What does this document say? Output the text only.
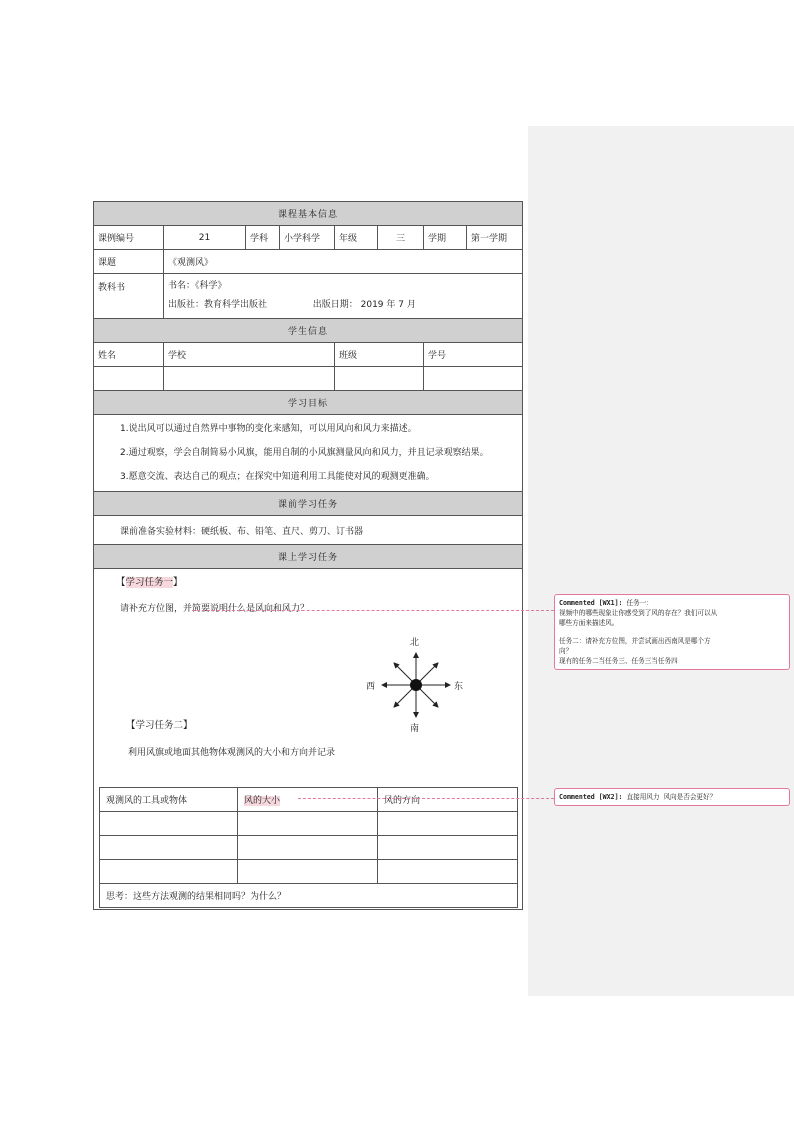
课程基本信息
课例编号	21	学科	小学科学	年级	三	学期	第一学期
课题	《观测风》
教科书	书名：《科学》
出版社：教育科学出版社	出版日期： 2019 年 7 月

学生信息
姓名	学校	班级	学号

学习目标

1.说出风可以通过自然界中事物的变化来感知，可以用风向和风力来描述。

2.通过观察，学会自制简易小风旗，能用自制的小风旗测量风向和风力，并且记录观察结果。

3.愿意交流、表达自己的观点；在探究中知道利用工具能使对风的观测更准确。

课前学习任务
课前准备实验材料：硬纸板、布、铅笔、直尺、剪刀、订书器
课上学习任务

【学习任务一】
请补充方位图，并简要说明什么是风向和风力？
北
南
东
西
【学习任务二】
利用风旗或地面其他物体观测风的大小和方向并记录
观测风的工具或物体	风的大小	风的方向

思考：这些方法观测的结果相同吗？为什么？

Commented [WX1]: 任务一：

视频中的哪些现象让你感受到了风的存在？我们可以从

哪些方面来描述风。

任务二：请补充方位图，并尝试画出西南风是哪个方

向？

现有的任务二当任务三、任务三当任务四

Commented [WX2]: 直接用风力 风向是否会更好？
